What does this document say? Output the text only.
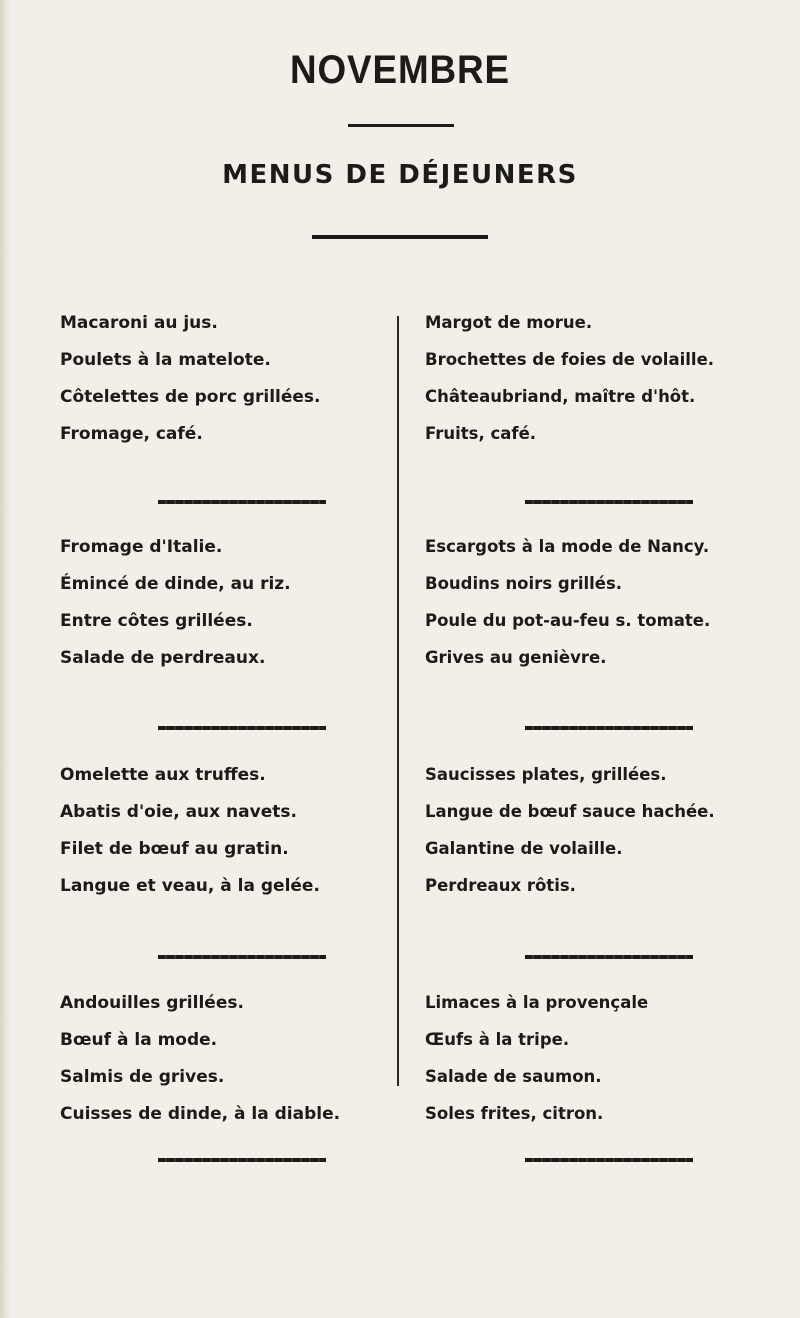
NOVEMBRE
MENUS DE DÉJEUNERS
Macaroni au jus.
Poulets à la matelote.
Côtelettes de porc grillées.
Fromage, café.
Fromage d'Italie.
Émincé de dinde, au riz.
Entre côtes grillées.
Salade de perdreaux.
Omelette aux truffes.
Abatis d'oie, aux navets.
Filet de bœuf au gratin.
Langue et veau, à la gelée.
Andouilles grillées.
Bœuf à la mode.
Salmis de grives.
Cuisses de dinde, à la diable.
Margot de morue.
Brochettes de foies de volaille.
Châteaubriand, maître d'hôt.
Fruits, café.
Escargots à la mode de Nancy.
Boudins noirs grillés.
Poule du pot-au-feu s. tomate.
Grives au genièvre.
Saucisses plates, grillées.
Langue de bœuf sauce hachée.
Galantine de volaille.
Perdreaux rôtis.
Limaces à la provençale
Œufs à la tripe.
Salade de saumon.
Soles frites, citron.
